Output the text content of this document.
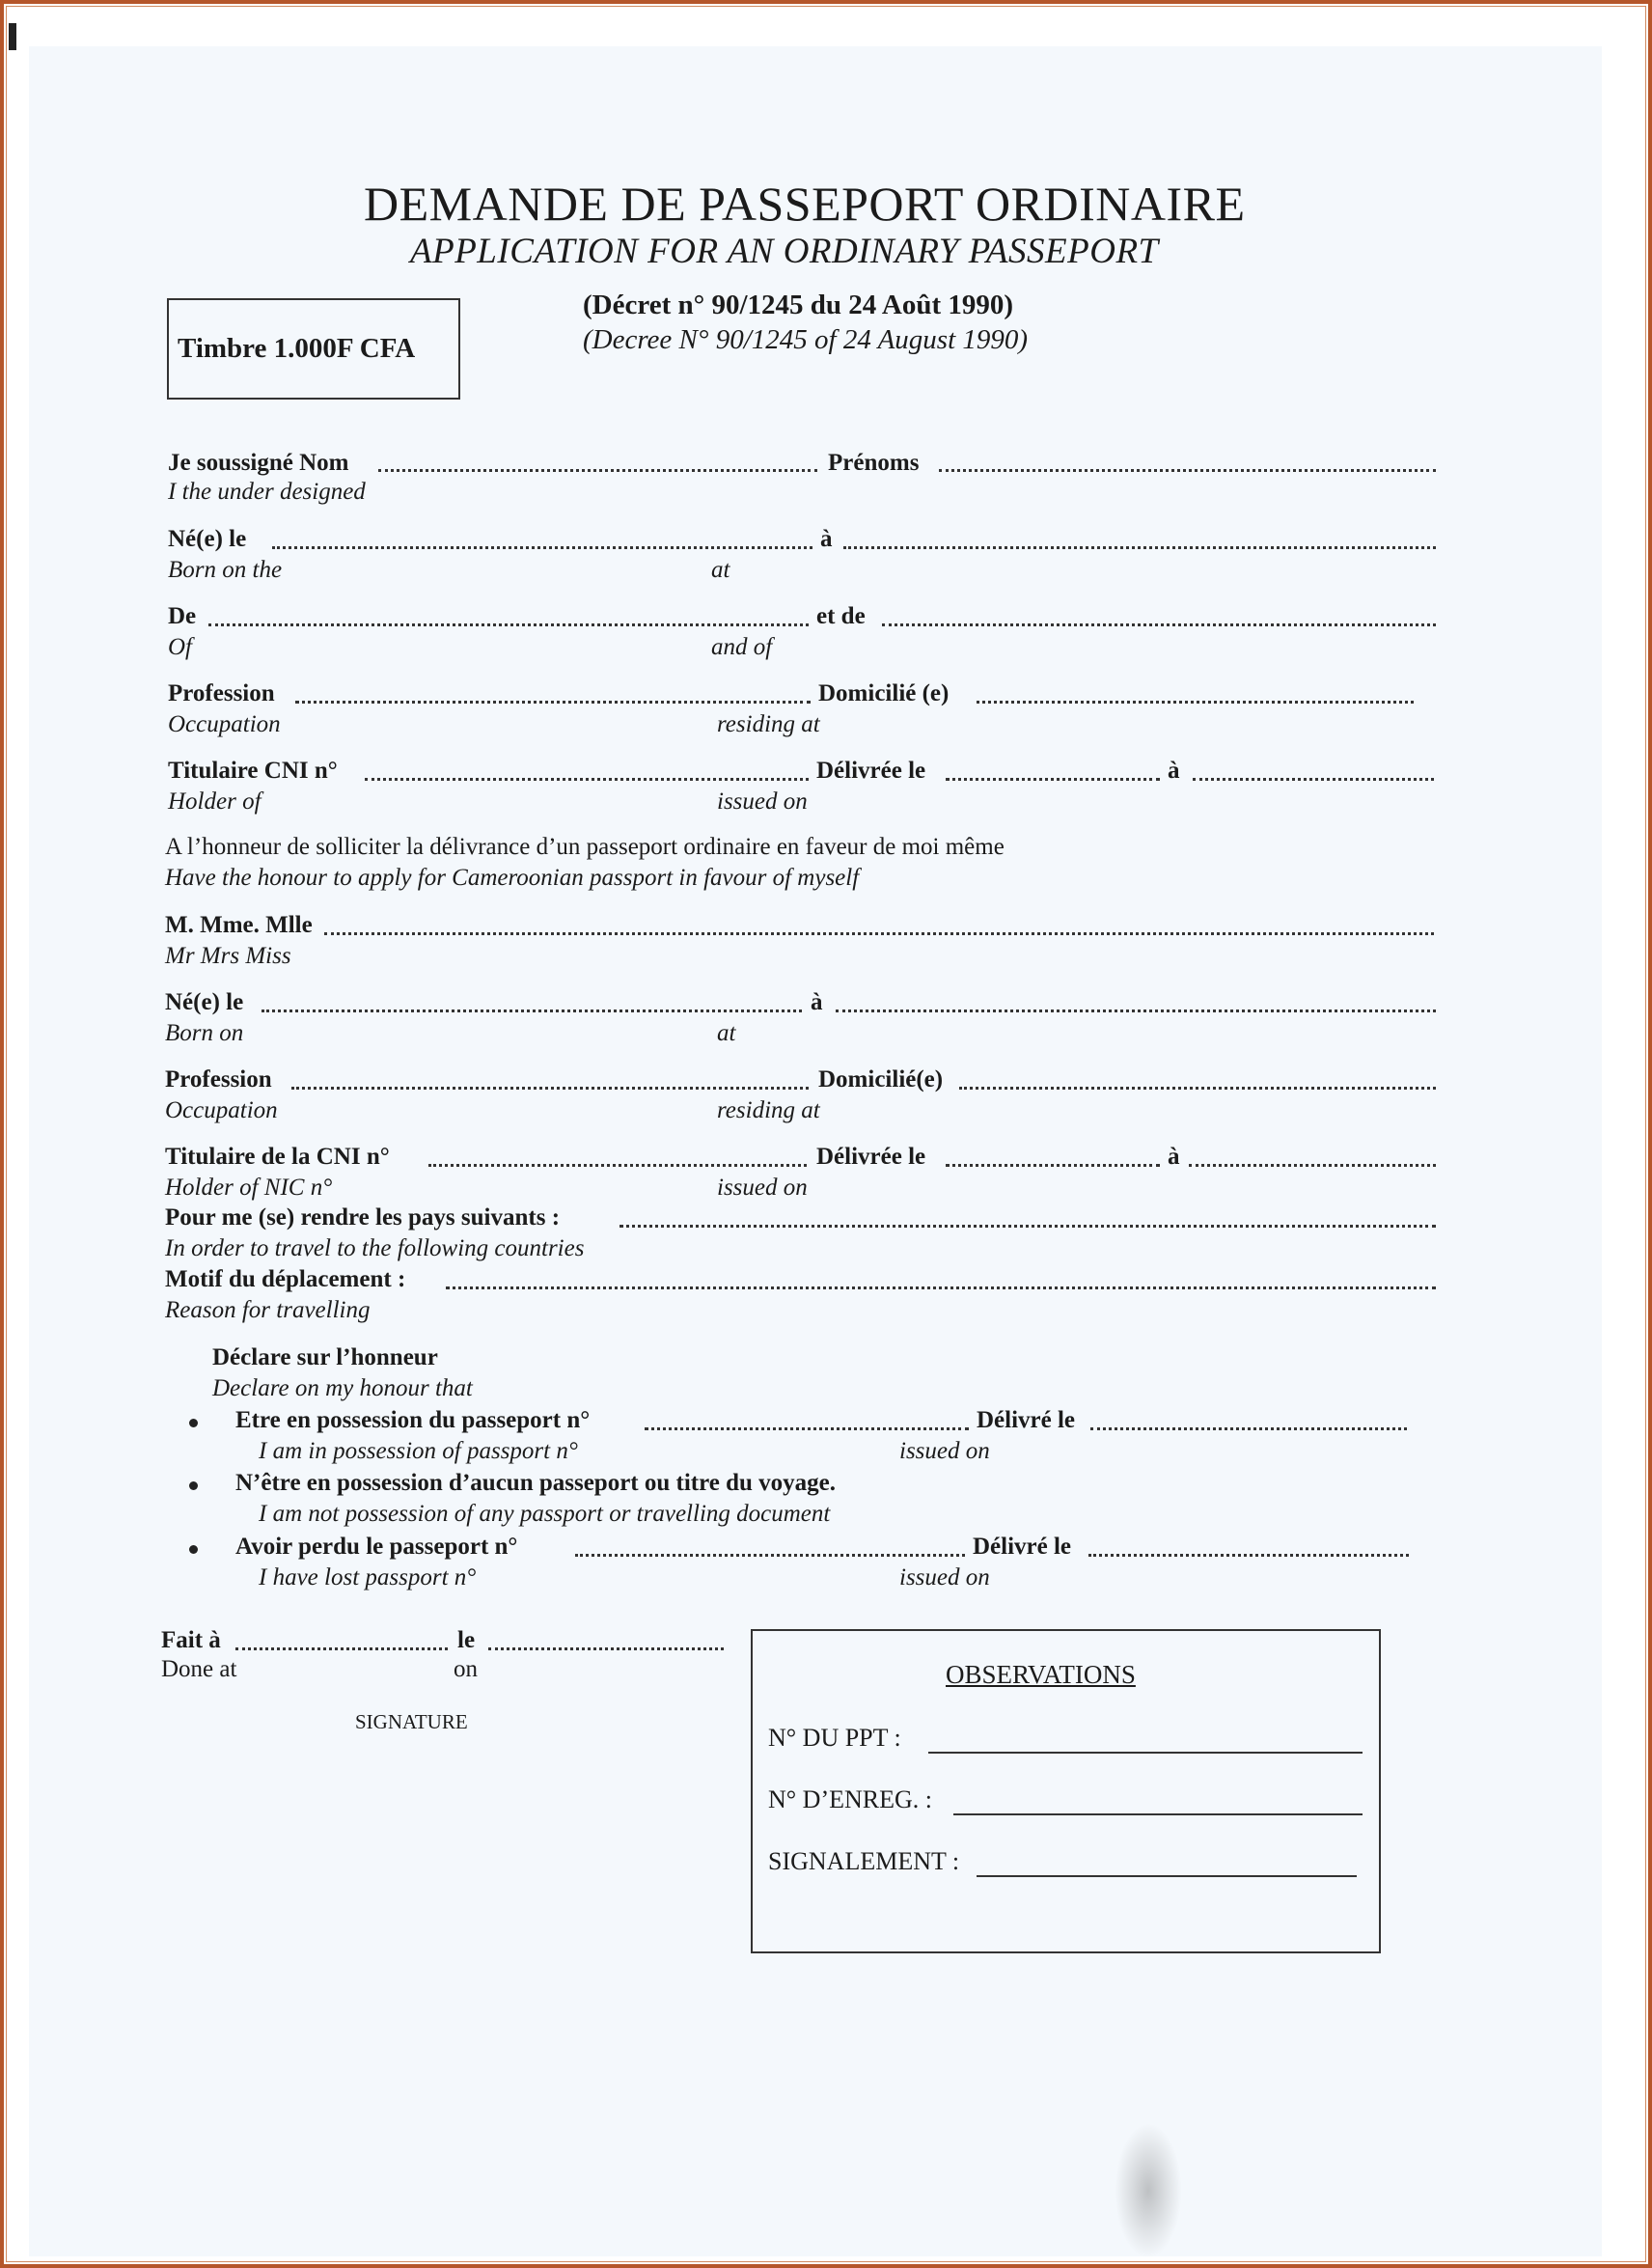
DEMANDE DE PASSEPORT ORDINAIRE
APPLICATION FOR AN ORDINARY PASSEPORT
Timbre 1.000F CFA
(Décret n° 90/1245 du 24 Août 1990)
(Decree N° 90/1245 of 24 August 1990)
Je soussigné Nom	Prénoms
I the under designed
Né(e) le	à
Born on the	at
De	et de
Of	and of
Profession	Domicilié (e)
Occupation	residing at
Titulaire CNI n°	Délivrée le	à
Holder of	issued on
A l’honneur de solliciter la délivrance d’un passeport ordinaire en faveur de moi même
Have the honour to apply for Cameroonian passport in favour of myself
M. Mme. Mlle
Mr Mrs Miss
Né(e) le	à
Born on	at
Profession	Domicilié(e)
Occupation	residing at
Titulaire de la CNI n°	Délivrée le	à
Holder of NIC n°	issued on
Pour me (se) rendre les pays suivants :
In order to travel to the following countries
Motif du déplacement :
Reason for travelling
Déclare sur l’honneur
Declare on my honour that
Etre en possession du passeport n°	Délivré le
I am in possession of passport n°	issued on
N’être en possession d’aucun passeport ou titre du voyage.
I am not possession of any passport or travelling document
Avoir perdu le passeport n°	Délivré le
I have lost passport n°	issued on
Fait à	le
Done at	on
SIGNATURE
OBSERVATIONS
N° DU PPT :
N° D’ENREG. :
SIGNALEMENT :
